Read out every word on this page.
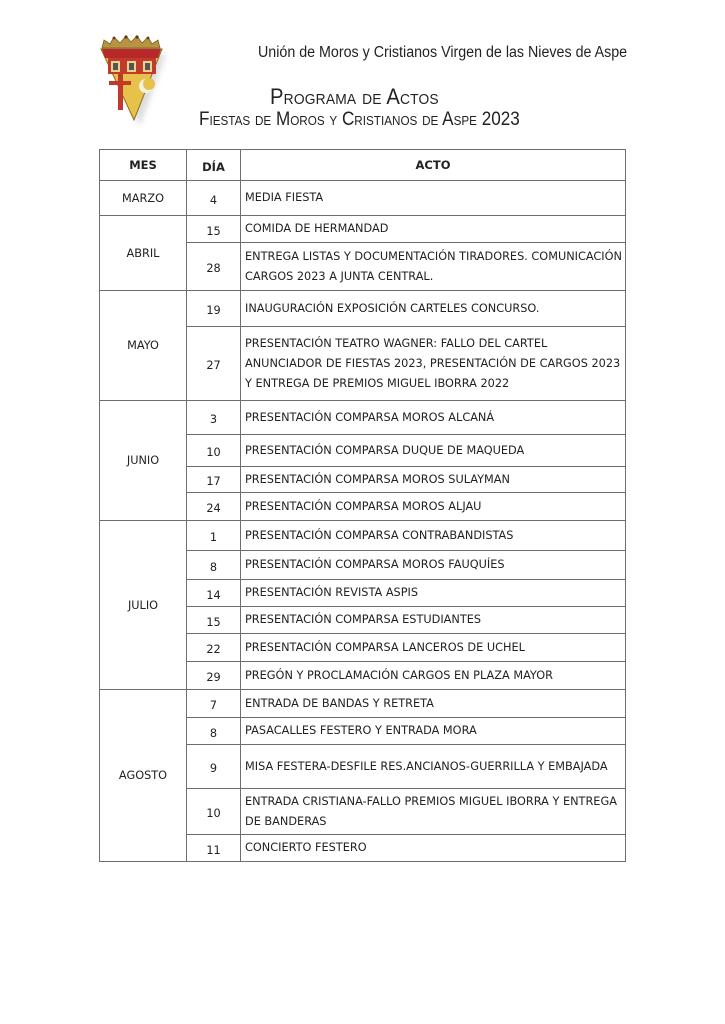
Unión de Moros y Cristianos Virgen de las Nieves de Aspe
Programa de Actos
Fiestas de Moros y Cristianos de Aspe 2023
MES	DÍA	ACTO
MARZO	4	MEDIA FIESTA
ABRIL	15	COMIDA DE HERMANDAD
	28	ENTREGA LISTAS Y DOCUMENTACIÓN TIRADORES. COMUNICACIÓN CARGOS 2023 A JUNTA CENTRAL.
MAYO	19	INAUGURACIÓN EXPOSICIÓN CARTELES CONCURSO.
	27	PRESENTACIÓN TEATRO WAGNER: FALLO DEL CARTEL ANUNCIADOR DE FIESTAS 2023, PRESENTACIÓN DE CARGOS 2023 Y ENTREGA DE PREMIOS MIGUEL IBORRA 2022
JUNIO	3	PRESENTACIÓN COMPARSA MOROS ALCANÁ
	10	PRESENTACIÓN COMPARSA DUQUE DE MAQUEDA
	17	PRESENTACIÓN COMPARSA MOROS SULAYMAN
	24	PRESENTACIÓN COMPARSA MOROS ALJAU
JULIO	1	PRESENTACIÓN COMPARSA CONTRABANDISTAS
	8	PRESENTACIÓN COMPARSA MOROS FAUQUÍES
	14	PRESENTACIÓN REVISTA ASPIS
	15	PRESENTACIÓN COMPARSA ESTUDIANTES
	22	PRESENTACIÓN COMPARSA LANCEROS DE UCHEL
	29	PREGÓN Y PROCLAMACIÓN CARGOS EN PLAZA MAYOR
AGOSTO	7	ENTRADA DE BANDAS Y RETRETA
	8	PASACALLES FESTERO Y ENTRADA MORA
	9	MISA FESTERA-DESFILE RES.ANCIANOS-GUERRILLA Y EMBAJADA
	10	ENTRADA CRISTIANA-FALLO PREMIOS MIGUEL IBORRA Y ENTREGA DE BANDERAS
	11	CONCIERTO FESTERO
